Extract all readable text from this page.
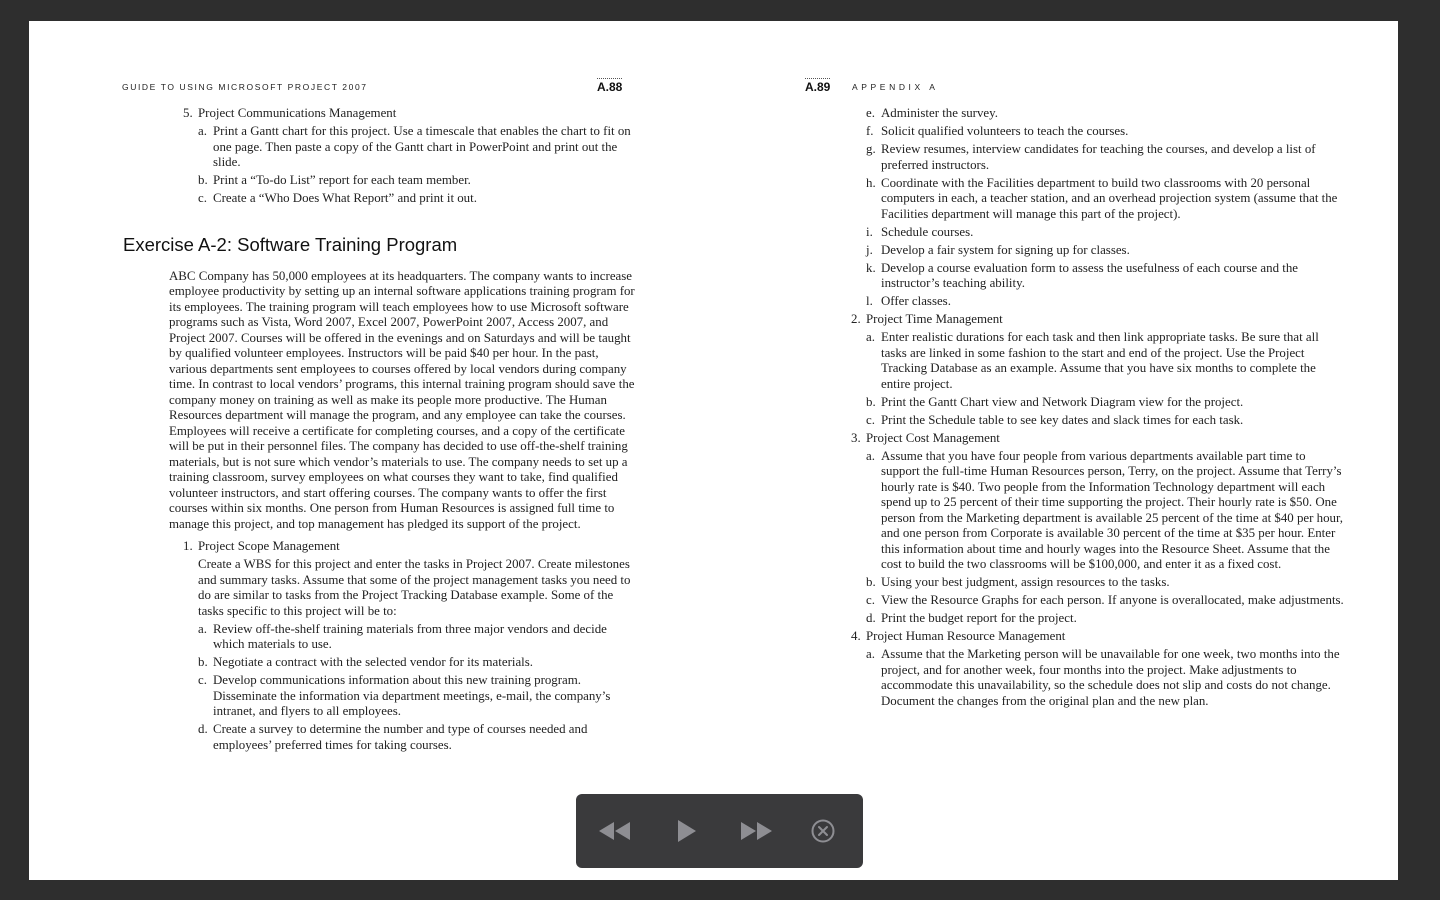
GUIDE TO USING MICROSOFT PROJECT 2007	A.88
5. Project Communications Management
a. Print a Gantt chart for this project. Use a timescale that enables the chart to fit on one page. Then paste a copy of the Gantt chart in PowerPoint and print out the slide.
b. Print a “To-do List” report for each team member.
c. Create a “Who Does What Report” and print it out.
Exercise A-2: Software Training Program
ABC Company has 50,000 employees at its headquarters. The company wants to increase employee productivity by setting up an internal software applications training program for its employees. The training program will teach employees how to use Microsoft software programs such as Vista, Word 2007, Excel 2007, PowerPoint 2007, Access 2007, and Project 2007. Courses will be offered in the evenings and on Saturdays and will be taught by qualified volunteer employees. Instructors will be paid $40 per hour. In the past, various departments sent employees to courses offered by local vendors during company time. In contrast to local vendors’ programs, this internal training program should save the company money on training as well as make its people more productive. The Human Resources department will manage the program, and any employee can take the courses. Employees will receive a certificate for completing courses, and a copy of the certificate will be put in their personnel files. The company has decided to use off-the-shelf training materials, but is not sure which vendor’s materials to use. The company needs to set up a training classroom, survey employees on what courses they want to take, find qualified volunteer instructors, and start offering courses. The company wants to offer the first courses within six months. One person from Human Resources is assigned full time to manage this project, and top management has pledged its support of the project.
1. Project Scope Management
Create a WBS for this project and enter the tasks in Project 2007. Create milestones and summary tasks. Assume that some of the project management tasks you need to do are similar to tasks from the Project Tracking Database example. Some of the tasks specific to this project will be to:
a. Review off-the-shelf training materials from three major vendors and decide which materials to use.
b. Negotiate a contract with the selected vendor for its materials.
c. Develop communications information about this new training program. Disseminate the information via department meetings, e-mail, the company’s intranet, and flyers to all employees.
d. Create a survey to determine the number and type of courses needed and employees’ preferred times for taking courses.
A.89	APPENDIX A
e. Administer the survey.
f. Solicit qualified volunteers to teach the courses.
g. Review resumes, interview candidates for teaching the courses, and develop a list of preferred instructors.
h. Coordinate with the Facilities department to build two classrooms with 20 personal computers in each, a teacher station, and an overhead projection system (assume that the Facilities department will manage this part of the project).
i. Schedule courses.
j. Develop a fair system for signing up for classes.
k. Develop a course evaluation form to assess the usefulness of each course and the instructor’s teaching ability.
l. Offer classes.
2. Project Time Management
a. Enter realistic durations for each task and then link appropriate tasks. Be sure that all tasks are linked in some fashion to the start and end of the project. Use the Project Tracking Database as an example. Assume that you have six months to complete the entire project.
b. Print the Gantt Chart view and Network Diagram view for the project.
c. Print the Schedule table to see key dates and slack times for each task.
3. Project Cost Management
a. Assume that you have four people from various departments available part time to support the full-time Human Resources person, Terry, on the project. Assume that Terry’s hourly rate is $40. Two people from the Information Technology department will each spend up to 25 percent of their time supporting the project. Their hourly rate is $50. One person from the Marketing department is available 25 percent of the time at $40 per hour, and one person from Corporate is available 30 percent of the time at $35 per hour. Enter this information about time and hourly wages into the Resource Sheet. Assume that the cost to build the two classrooms will be $100,000, and enter it as a fixed cost.
b. Using your best judgment, assign resources to the tasks.
c. View the Resource Graphs for each person. If anyone is overallocated, make adjustments.
d. Print the budget report for the project.
4. Project Human Resource Management
a. Assume that the Marketing person will be unavailable for one week, two months into the project, and for another week, four months into the project. Make adjustments to accommodate this unavailability, so the schedule does not slip and costs do not change. Document the changes from the original plan and the new plan.
